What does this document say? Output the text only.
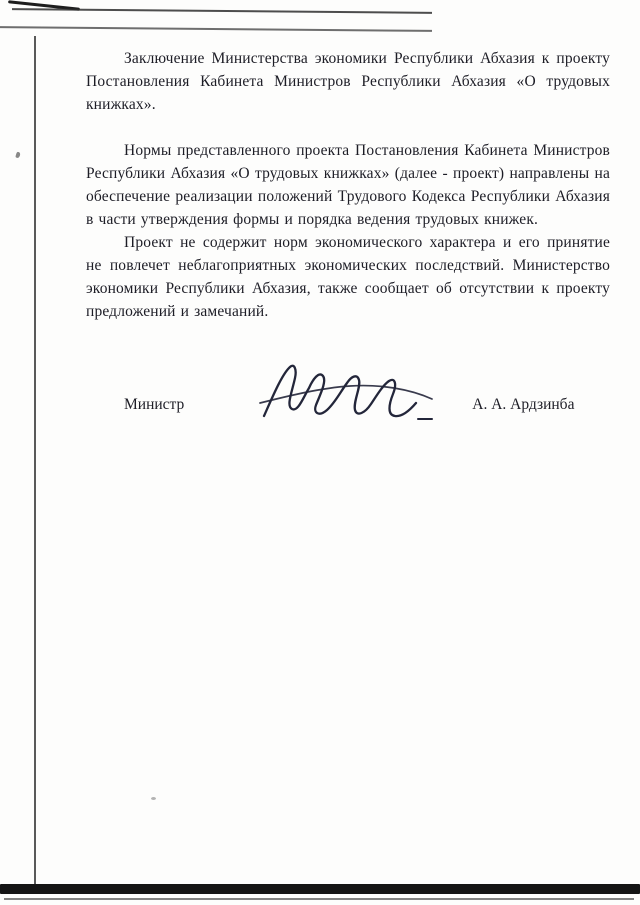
Заключение Министерства экономики Республики Абхазия к проекту Постановления Кабинета Министров Республики Абхазия «О трудовых книжках».

Нормы представленного проекта Постановления Кабинета Министров Республики Абхазия «О трудовых книжках» (далее - проект) направлены на обеспечение реализации положений Трудового Кодекса Республики Абхазия в части утверждения формы и порядка ведения трудовых книжек.

Проект не содержит норм экономического характера и его принятие не повлечет неблагоприятных экономических последствий. Министерство экономики Республики Абхазия, также сообщает об отсутствии к проекту предложений и замечаний.

Министр	А. А. Ардзинба
